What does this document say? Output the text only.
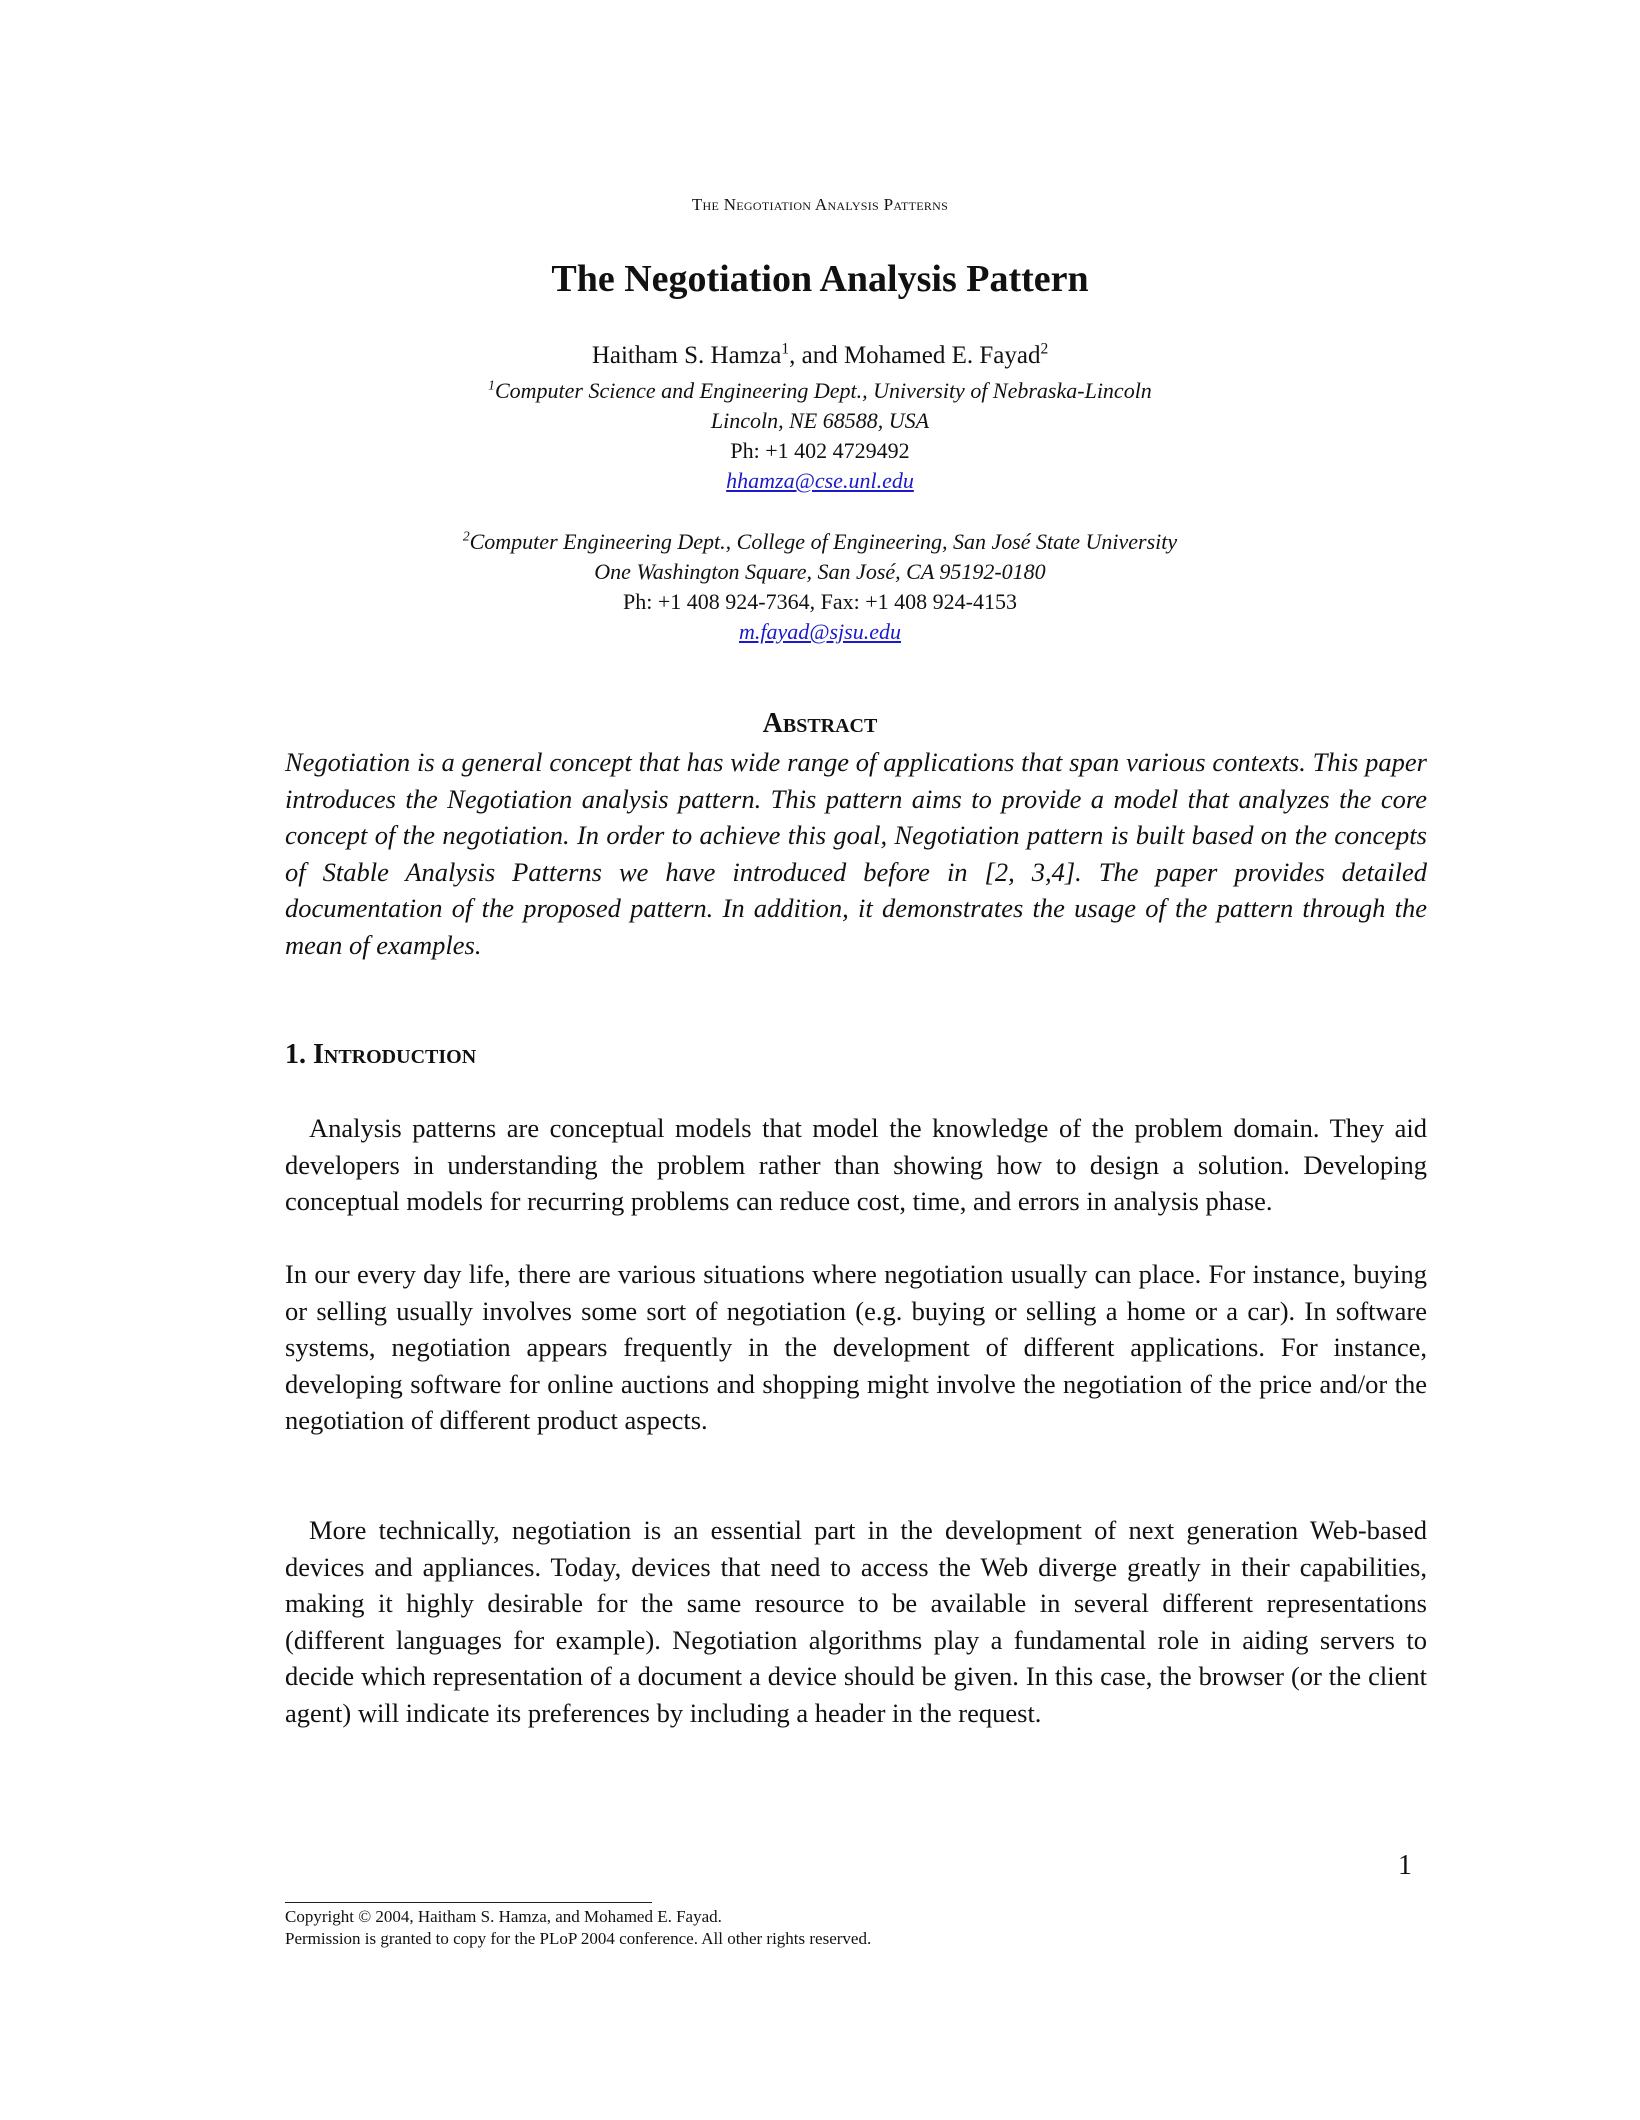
The Negotiation Analysis Patterns
The Negotiation Analysis Pattern
Haitham S. Hamza$^1$, and Mohamed E. Fayad$^2$
$^1$Computer Science and Engineering Dept., University of Nebraska-Lincoln
Lincoln, NE 68588, USA
Ph: +1 402 4729492
hhamza@cse.unl.edu
$^2$Computer Engineering Dept., College of Engineering, San José State University
One Washington Square, San José, CA 95192-0180
Ph: +1 408 924-7364, Fax: +1 408 924-4153
m.fayad@sjsu.edu
Abstract
Negotiation is a general concept that has wide range of applications that span various contexts. This paper introduces the Negotiation analysis pattern. This pattern aims to provide a model that analyzes the core concept of the negotiation. In order to achieve this goal, Negotiation pattern is built based on the concepts of Stable Analysis Patterns we have introduced before in [2, 3,4]. The paper provides detailed documentation of the proposed pattern. In addition, it demonstrates the usage of the pattern through the mean of examples.
1. Introduction
Analysis patterns are conceptual models that model the knowledge of the problem domain. They aid developers in understanding the problem rather than showing how to design a solution. Developing conceptual models for recurring problems can reduce cost, time, and errors in analysis phase.
In our every day life, there are various situations where negotiation usually can place. For instance, buying or selling usually involves some sort of negotiation (e.g. buying or selling a home or a car). In software systems, negotiation appears frequently in the development of different applications. For instance, developing software for online auctions and shopping might involve the negotiation of the price and/or the negotiation of different product aspects.
More technically, negotiation is an essential part in the development of next generation Web-based devices and appliances. Today, devices that need to access the Web diverge greatly in their capabilities, making it highly desirable for the same resource to be available in several different representations (different languages for example). Negotiation algorithms play a fundamental role in aiding servers to decide which representation of a document a device should be given. In this case, the browser (or the client agent) will indicate its preferences by including a header in the request.
1
Copyright © 2004, Haitham S. Hamza, and Mohamed E. Fayad.
Permission is granted to copy for the PLoP 2004 conference. All other rights reserved.
